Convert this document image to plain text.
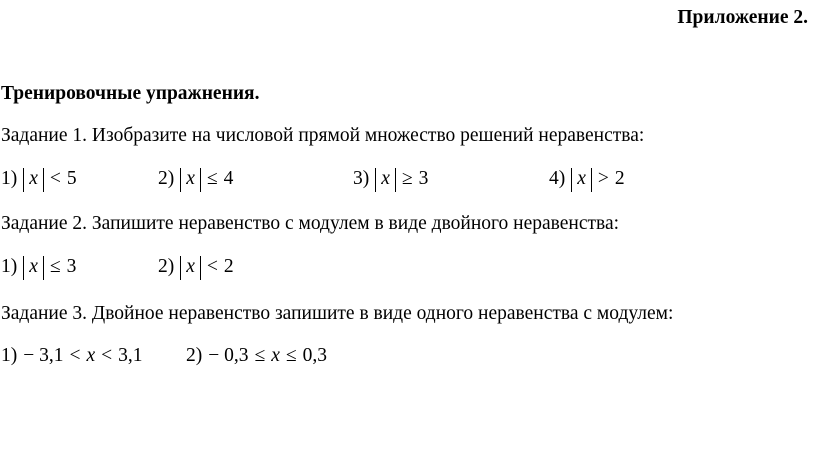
Приложение 2.
Тренировочные упражнения.
Задание 1. Изобразите на числовой прямой множество решений неравенства:
1) x < 5	2) x ≤ 4	3) x ≥ 3	4) x > 2
Задание 2. Запишите неравенство с модулем в виде двойного неравенства:
1) x ≤ 3	2) x < 2
Задание 3. Двойное неравенство запишите в виде одного неравенства с модулем:
1) − 3,1 < x < 3,1 2) − 0,3 ≤ x ≤ 0,3
